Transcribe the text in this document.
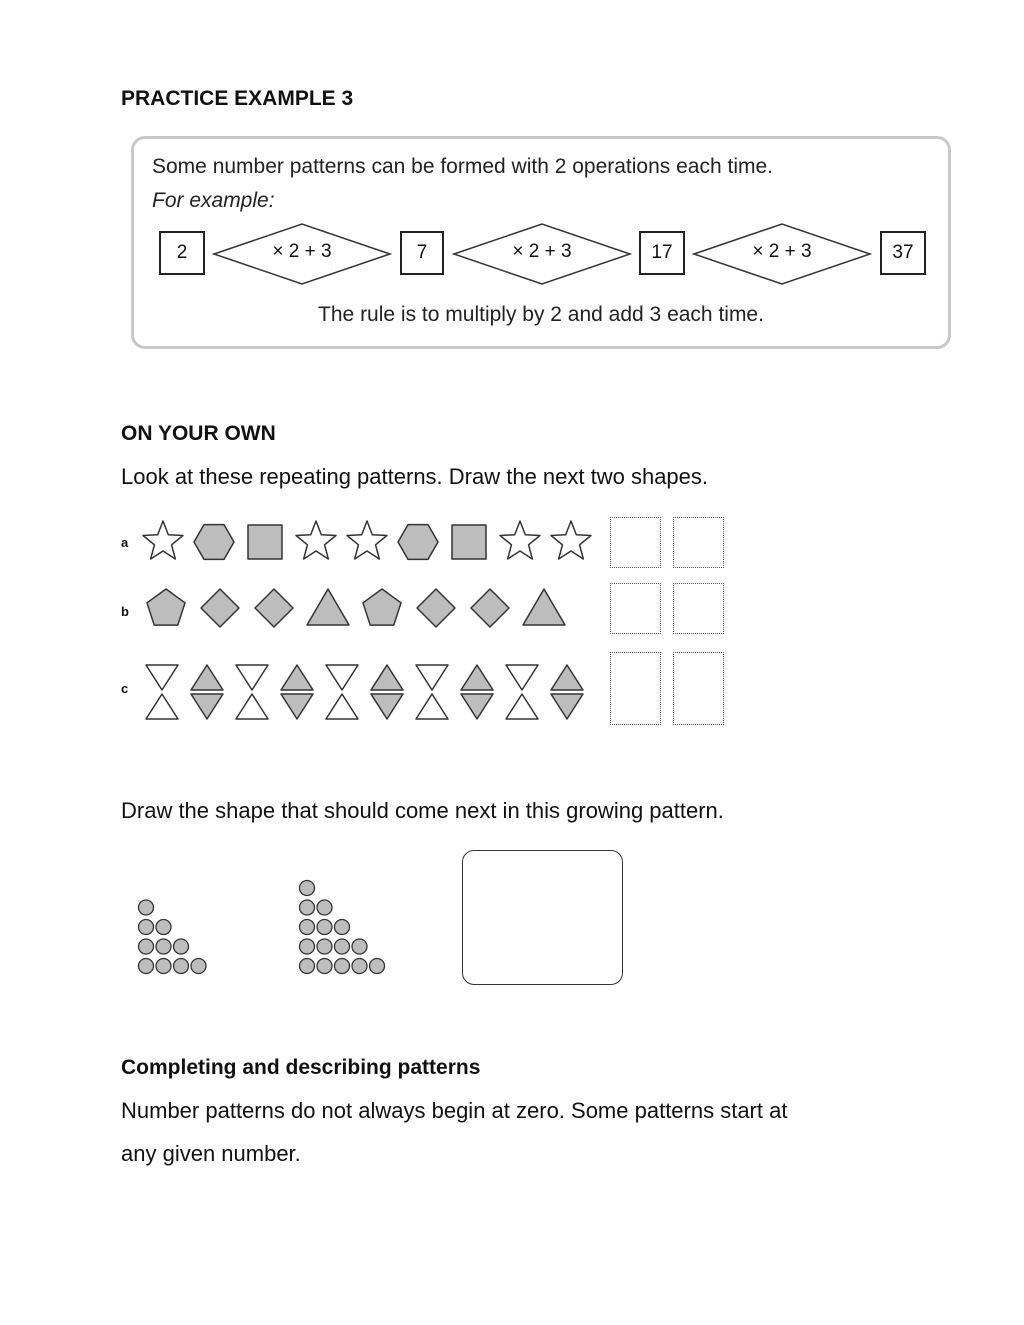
PRACTICE EXAMPLE 3
Some number patterns can be formed with 2 operations each time.
For example:
2	7	17	37
× 2 + 3	× 2 + 3	× 2 + 3
The rule is to multiply by 2 and add 3 each time.
ON YOUR OWN
Look at these repeating patterns. Draw the next two shapes.
a
b
c
Draw the shape that should come next in this growing pattern.
Completing and describing patterns
Number patterns do not always begin at zero. Some patterns start at
any given number.
